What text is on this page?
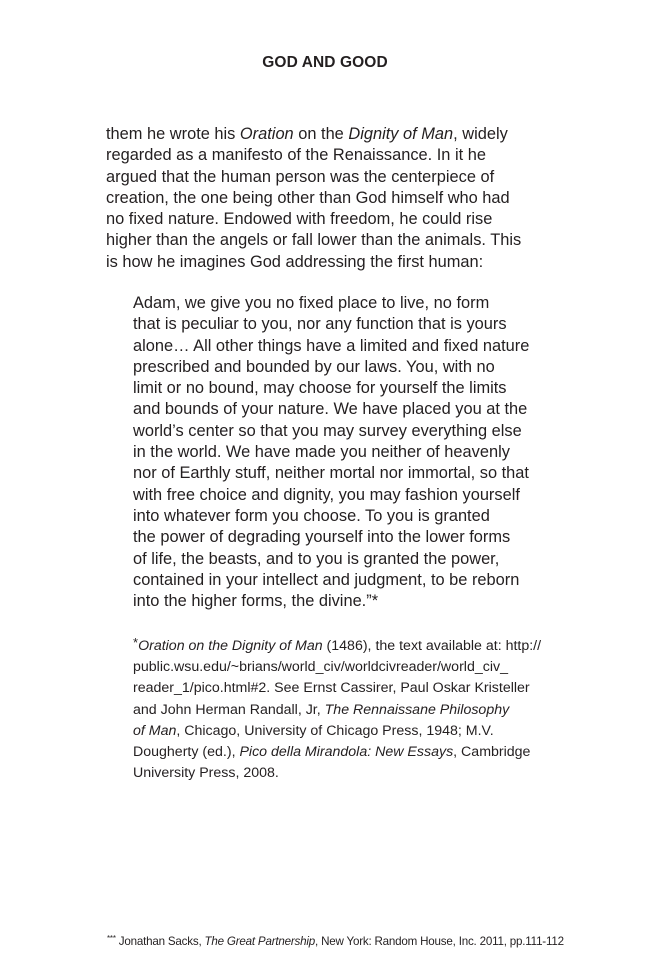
GOD AND GOOD

them he wrote his Oration on the Dignity of Man, widely
regarded as a manifesto of the Renaissance. In it he
argued that the human person was the centerpiece of
creation, the one being other than God himself who had
no fixed nature. Endowed with freedom, he could rise
higher than the angels or fall lower than the animals. This
is how he imagines God addressing the first human:

Adam, we give you no fixed place to live, no form
that is peculiar to you, nor any function that is yours
alone… All other things have a limited and fixed nature
prescribed and bounded by our laws. You, with no
limit or no bound, may choose for yourself the limits
and bounds of your nature. We have placed you at the
world’s center so that you may survey everything else
in the world. We have made you neither of heavenly
nor of Earthly stuff, neither mortal nor immortal, so that
with free choice and dignity, you may fashion yourself
into whatever form you choose. To you is granted
the power of degrading yourself into the lower forms
of life, the beasts, and to you is granted the power,
contained in your intellect and judgment, to be reborn
into the higher forms, the divine.”*

*Oration on the Dignity of Man (1486), the text available at: http://
public.wsu.edu/~brians/world_civ/worldcivreader/world_civ_
reader_1/pico.html#2. See Ernst Cassirer, Paul Oskar Kristeller
and John Herman Randall, Jr, The Rennaissane Philosophy
of Man, Chicago, University of Chicago Press, 1948; M.V.
Dougherty (ed.), Pico della Mirandola: New Essays, Cambridge
University Press, 2008.

*** Jonathan Sacks, The Great Partnership, New York: Random House, Inc. 2011, pp.111-112
